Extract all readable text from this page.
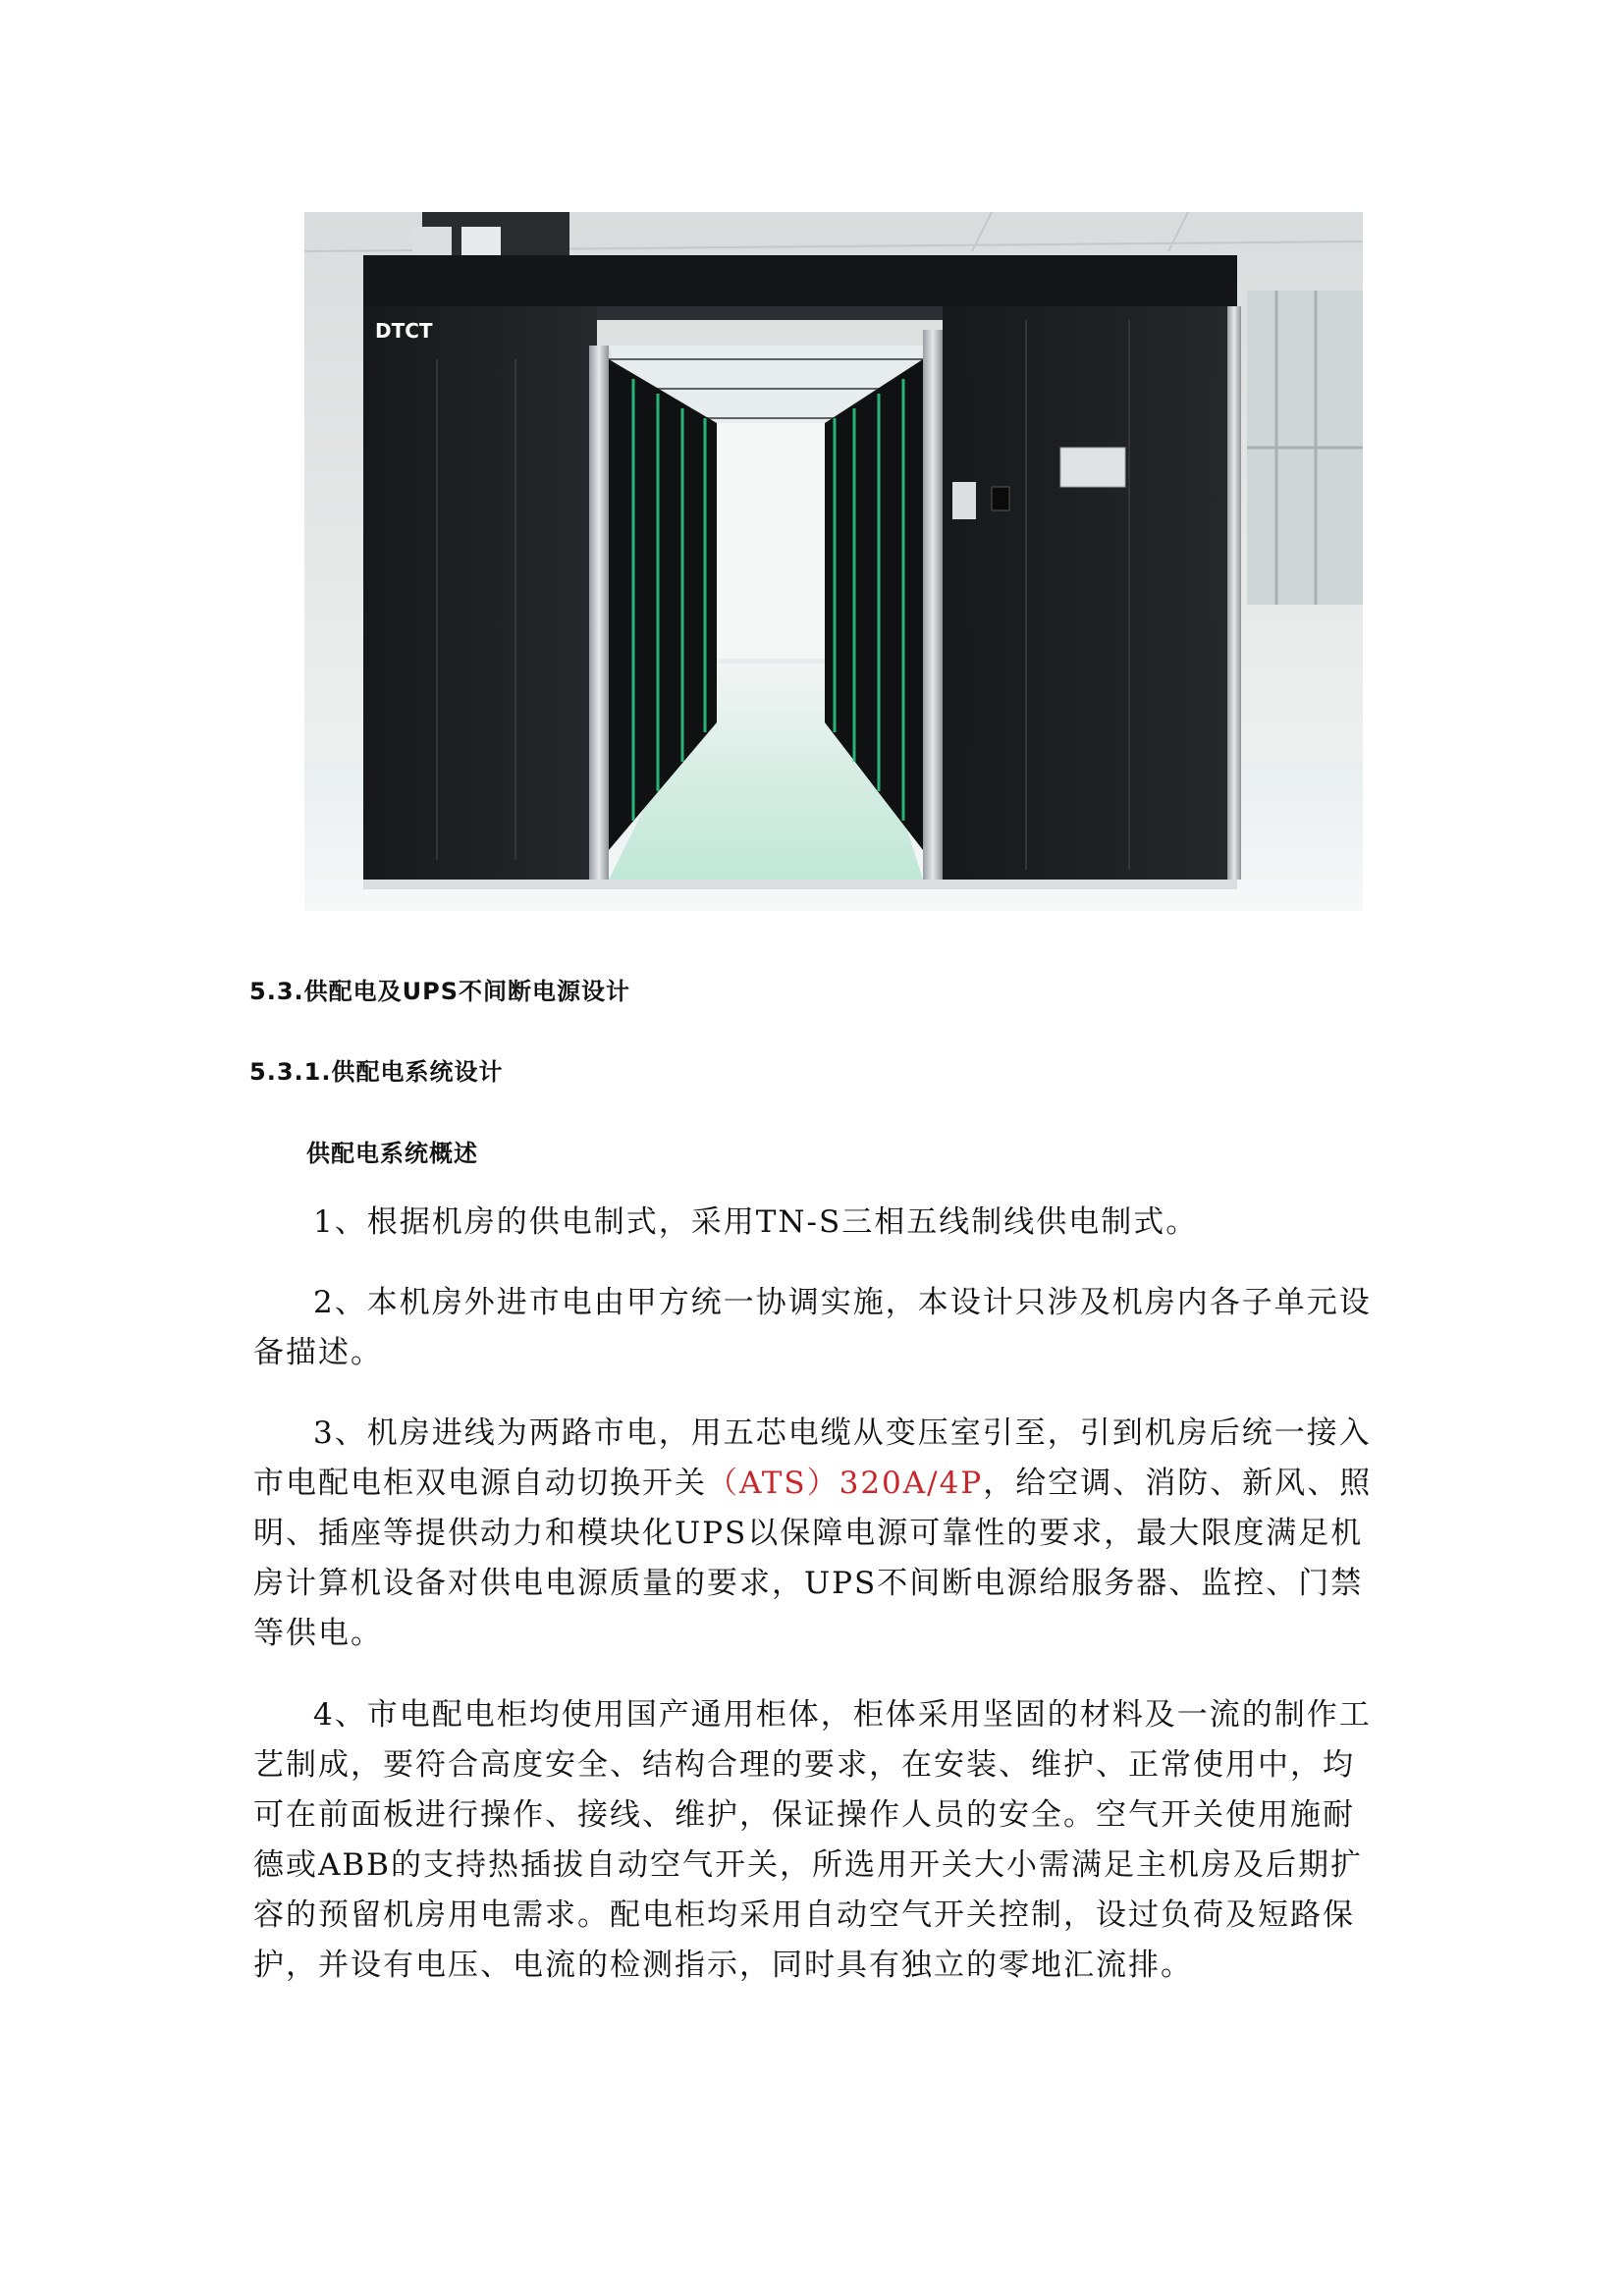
DTCT
5.3.供配电及UPS不间断电源设计
5.3.1.供配电系统设计
供配电系统概述

1、根据机房的供电制式，采用TN-S三相五线制线供电制式。

2、本机房外进市电由甲方统一协调实施，本设计只涉及机房内各子单元设备描述。

3、机房进线为两路市电，用五芯电缆从变压室引至，引到机房后统一接入市电配电柜双电源自动切换开关（ATS）320A/4P，给空调、消防、新风、照明、插座等提供动力和模块化UPS以保障电源可靠性的要求，最大限度满足机房计算机设备对供电电源质量的要求，UPS不间断电源给服务器、监控、门禁等供电。

4、市电配电柜均使用国产通用柜体，柜体采用坚固的材料及一流的制作工艺制成，要符合高度安全、结构合理的要求，在安装、维护、正常使用中，均可在前面板进行操作、接线、维护，保证操作人员的安全。空气开关使用施耐德或ABB的支持热插拔自动空气开关，所选用开关大小需满足主机房及后期扩容的预留机房用电需求。配电柜均采用自动空气开关控制，设过负荷及短路保护，并设有电压、电流的检测指示，同时具有独立的零地汇流排。
